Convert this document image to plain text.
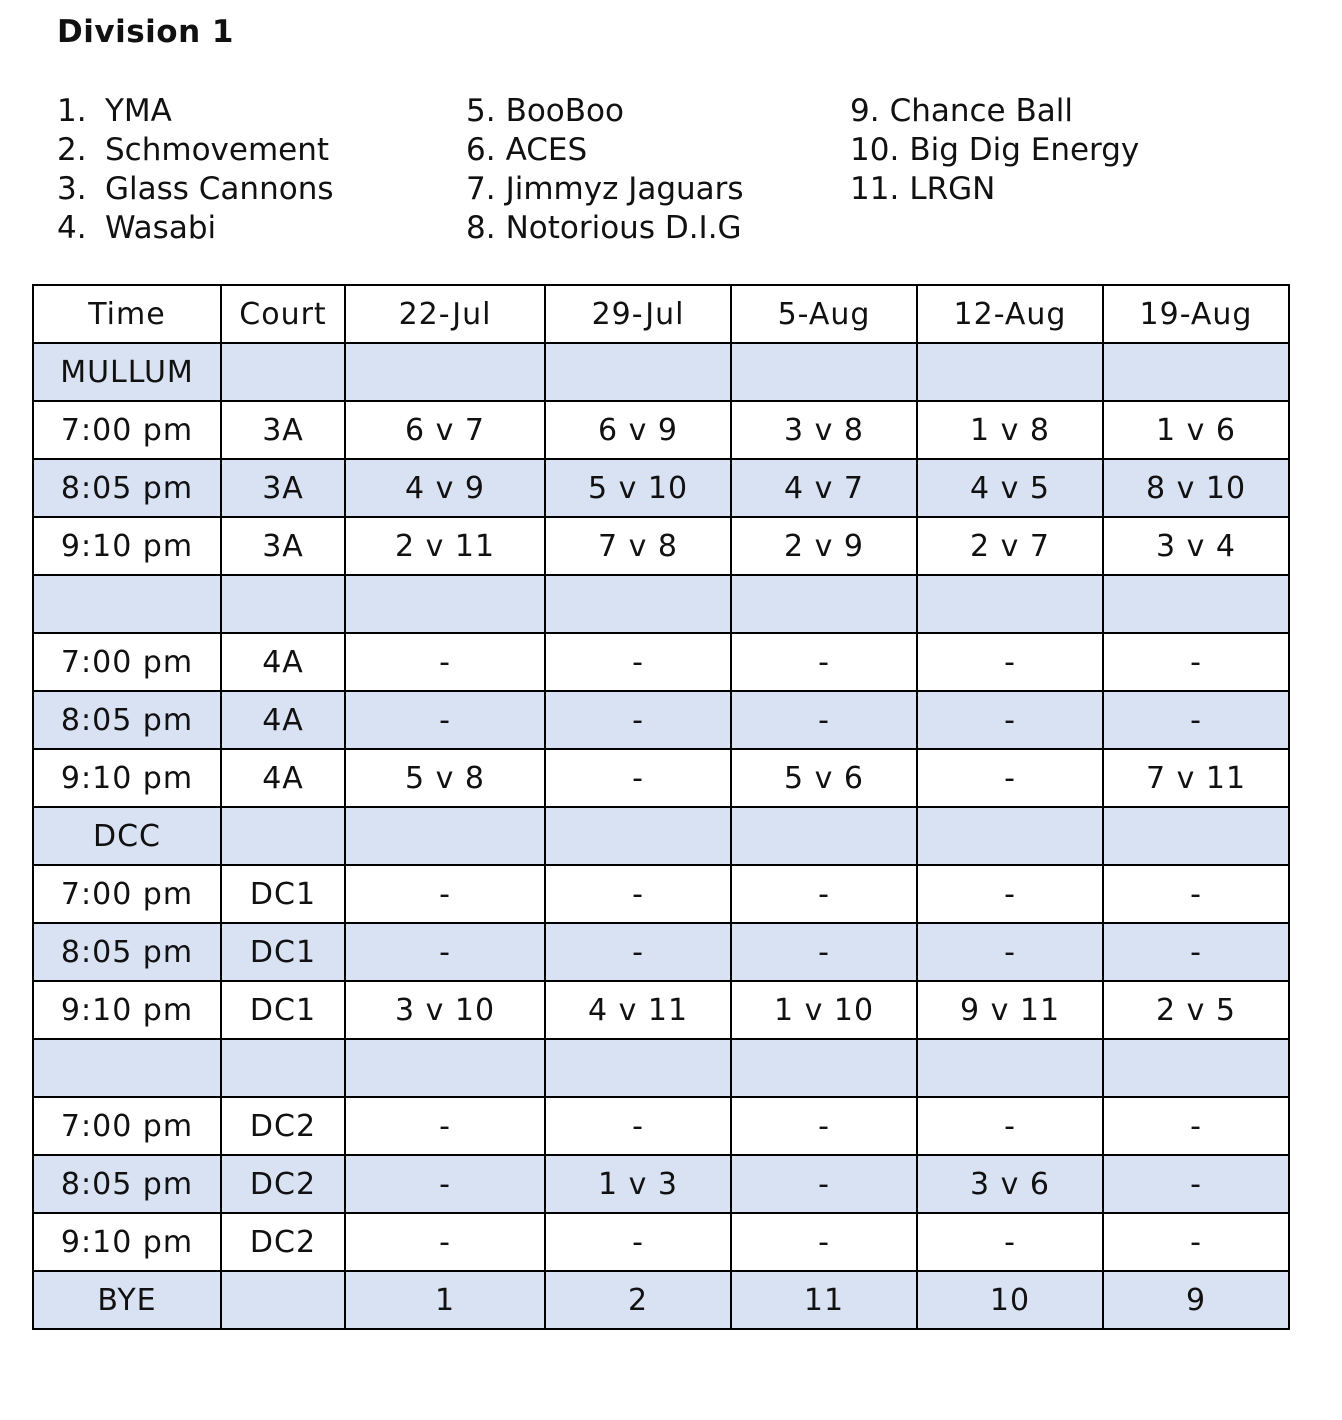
Division 1
1. YMA
2. Schmovement
3. Glass Cannons
4. Wasabi
5. BooBoo
6. ACES
7. Jimmyz Jaguars
8. Notorious D.I.G
9. Chance Ball
10. Big Dig Energy
11. LRGN
Time	Court	22-Jul	29-Jul	5-Aug	12-Aug	19-Aug
MULLUM						
7:00 pm	3A	6 v 7	6 v 9	3 v 8	1 v 8	1 v 6
8:05 pm	3A	4 v 9	5 v 10	4 v 7	4 v 5	8 v 10
9:10 pm	3A	2 v 11	7 v 8	2 v 9	2 v 7	3 v 4

7:00 pm	4A	-	-	-	-	-
8:05 pm	4A	-	-	-	-	-
9:10 pm	4A	5 v 8	-	5 v 6	-	7 v 11
DCC						
7:00 pm	DC1	-	-	-	-	-
8:05 pm	DC1	-	-	-	-	-
9:10 pm	DC1	3 v 10	4 v 11	1 v 10	9 v 11	2 v 5

7:00 pm	DC2	-	-	-	-	-
8:05 pm	DC2	-	1 v 3	-	3 v 6	-
9:10 pm	DC2	-	-	-	-	-
BYE		1	2	11	10	9
